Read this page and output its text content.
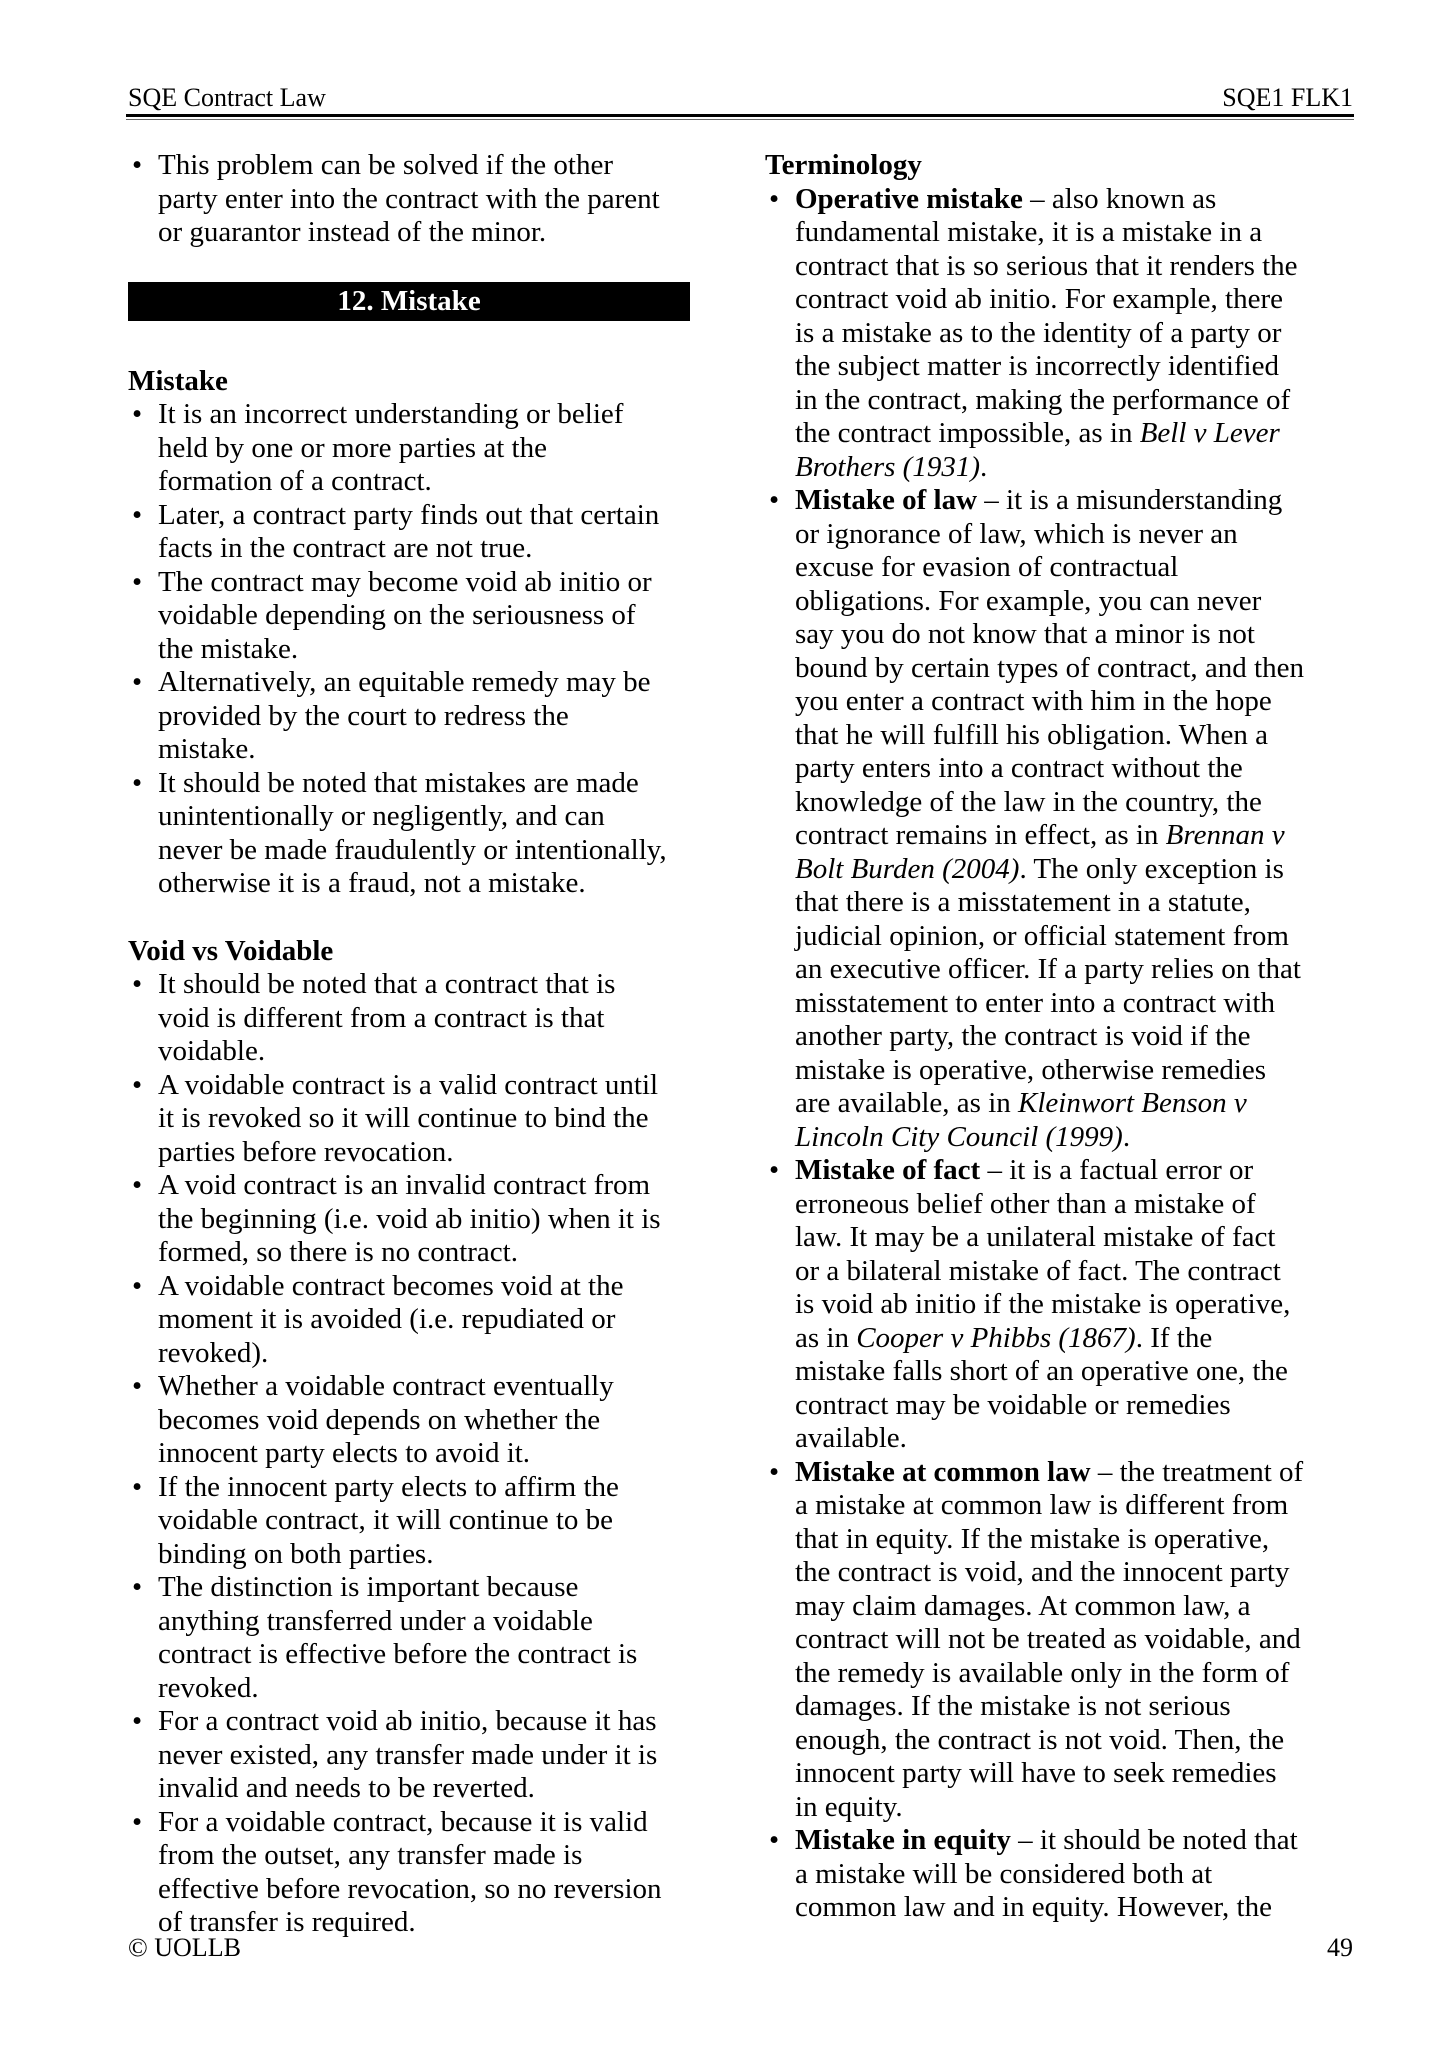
SQE Contract Law	SQE1 FLK1
• This problem can be solved if the other
party enter into the contract with the parent
or guarantor instead of the minor.
12. Mistake
Mistake
• It is an incorrect understanding or belief
held by one or more parties at the
formation of a contract.
• Later, a contract party finds out that certain
facts in the contract are not true.
• The contract may become void ab initio or
voidable depending on the seriousness of
the mistake.
• Alternatively, an equitable remedy may be
provided by the court to redress the
mistake.
• It should be noted that mistakes are made
unintentionally or negligently, and can
never be made fraudulently or intentionally,
otherwise it is a fraud, not a mistake.
Void vs Voidable
• It should be noted that a contract that is
void is different from a contract is that
voidable.
• A voidable contract is a valid contract until
it is revoked so it will continue to bind the
parties before revocation.
• A void contract is an invalid contract from
the beginning (i.e. void ab initio) when it is
formed, so there is no contract.
• A voidable contract becomes void at the
moment it is avoided (i.e. repudiated or
revoked).
• Whether a voidable contract eventually
becomes void depends on whether the
innocent party elects to avoid it.
• If the innocent party elects to affirm the
voidable contract, it will continue to be
binding on both parties.
• The distinction is important because
anything transferred under a voidable
contract is effective before the contract is
revoked.
• For a contract void ab initio, because it has
never existed, any transfer made under it is
invalid and needs to be reverted.
• For a voidable contract, because it is valid
from the outset, any transfer made is
effective before revocation, so no reversion
of transfer is required.
Terminology
• Operative mistake – also known as
fundamental mistake, it is a mistake in a
contract that is so serious that it renders the
contract void ab initio. For example, there
is a mistake as to the identity of a party or
the subject matter is incorrectly identified
in the contract, making the performance of
the contract impossible, as in Bell v Lever
Brothers (1931).
• Mistake of law – it is a misunderstanding
or ignorance of law, which is never an
excuse for evasion of contractual
obligations. For example, you can never
say you do not know that a minor is not
bound by certain types of contract, and then
you enter a contract with him in the hope
that he will fulfill his obligation. When a
party enters into a contract without the
knowledge of the law in the country, the
contract remains in effect, as in Brennan v
Bolt Burden (2004). The only exception is
that there is a misstatement in a statute,
judicial opinion, or official statement from
an executive officer. If a party relies on that
misstatement to enter into a contract with
another party, the contract is void if the
mistake is operative, otherwise remedies
are available, as in Kleinwort Benson v
Lincoln City Council (1999).
• Mistake of fact – it is a factual error or
erroneous belief other than a mistake of
law. It may be a unilateral mistake of fact
or a bilateral mistake of fact. The contract
is void ab initio if the mistake is operative,
as in Cooper v Phibbs (1867). If the
mistake falls short of an operative one, the
contract may be voidable or remedies
available.
• Mistake at common law – the treatment of
a mistake at common law is different from
that in equity. If the mistake is operative,
the contract is void, and the innocent party
may claim damages. At common law, a
contract will not be treated as voidable, and
the remedy is available only in the form of
damages. If the mistake is not serious
enough, the contract is not void. Then, the
innocent party will have to seek remedies
in equity.
• Mistake in equity – it should be noted that
a mistake will be considered both at
common law and in equity. However, the
© UOLLB	49
